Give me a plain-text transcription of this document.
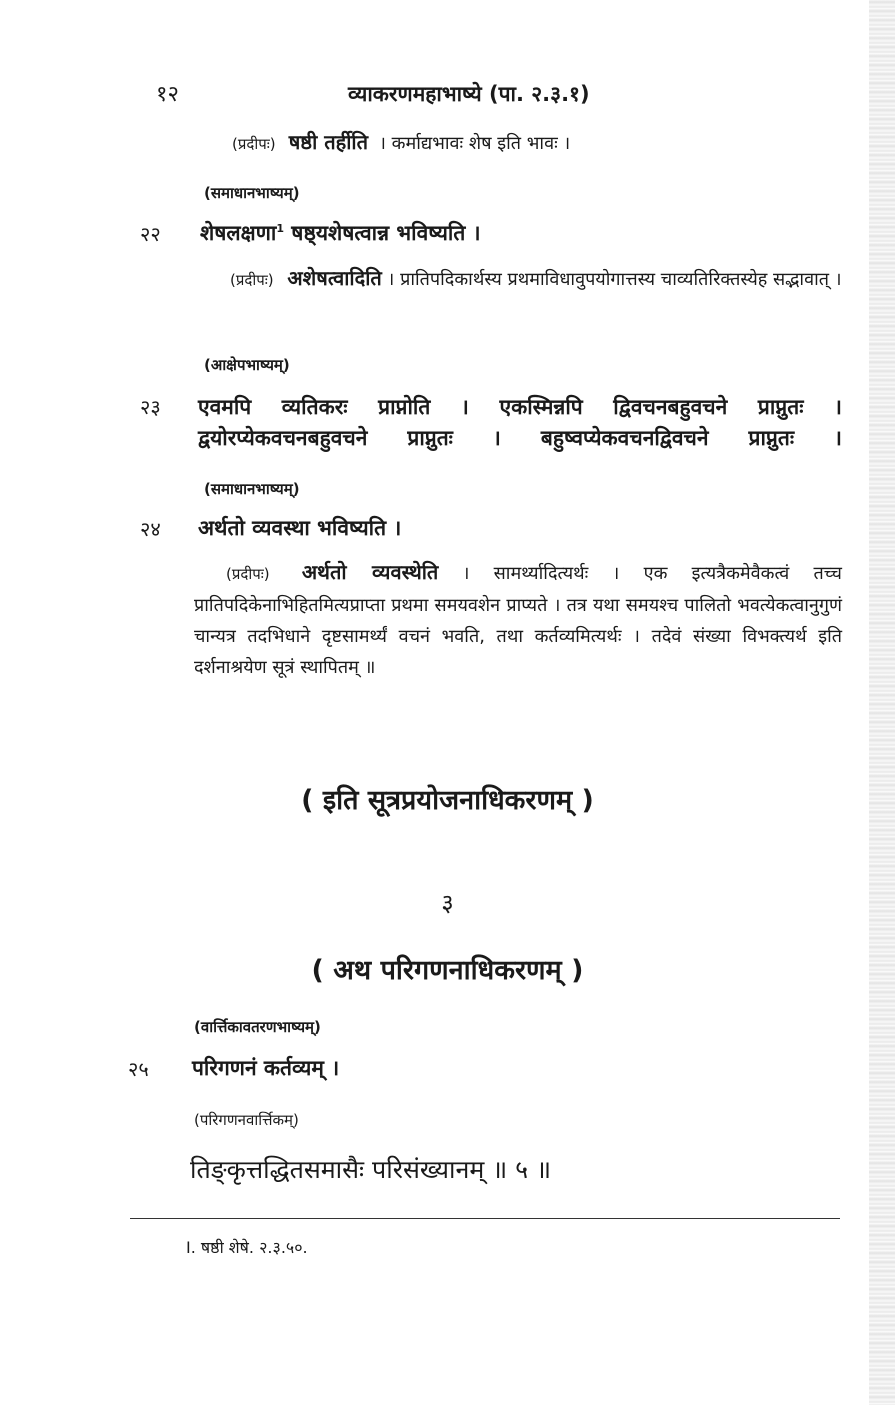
१२	व्याकरणमहाभाष्ये (पा. २.३.१)
(प्रदीपः) षष्ठी तर्हीति । कर्माद्यभावः शेष इति भावः ।
(समाधानभाष्यम्)
२२ शेषलक्षणा$^1$ षष्ठ्यशेषत्वान्न भविष्यति ।
(प्रदीपः) अशेषत्वादिति । प्रातिपदिकार्थस्य प्रथमाविधावुपयोगात्तस्य चाव्यतिरिक्तस्येह सद्भावात् ।
(आक्षेपभाष्यम्)
२३ एवमपि व्यतिकरः प्राप्नोति । एकस्मिन्नपि द्विवचनबहुवचने प्राप्नुतः । द्वयोरप्येकवचनबहुवचने प्राप्नुतः । बहुष्वप्येकवचनद्विवचने प्राप्नुतः ।
(समाधानभाष्यम्)
२४ अर्थतो व्यवस्था भविष्यति ।
(प्रदीपः) अर्थतो व्यवस्थेति । सामर्थ्यादित्यर्थः । एक इत्यत्रैकमेवैकत्वं तच्च प्रातिपदिकेनाभिहितमित्यप्राप्ता प्रथमा समयवशेन प्राप्यते । तत्र यथा समयश्च पालितो भवत्येकत्वानुगुणं चान्यत्र तदभिधाने दृष्टसामर्थ्यं वचनं भवति, तथा कर्तव्यमित्यर्थः । तदेवं संख्या विभक्त्यर्थ इति दर्शनाश्रयेण सूत्रं स्थापितम् ॥
( इति सूत्रप्रयोजनाधिकरणम् )
३
( अथ परिगणनाधिकरणम् )
(वार्त्तिकावतरणभाष्यम्)
२५ परिगणनं कर्तव्यम् ।
(परिगणनवार्त्तिकम्)
तिङ्कृत्तद्धितसमासैः परिसंख्यानम् ॥ ५ ॥
I. षष्ठी शेषे. २.३.५०.
